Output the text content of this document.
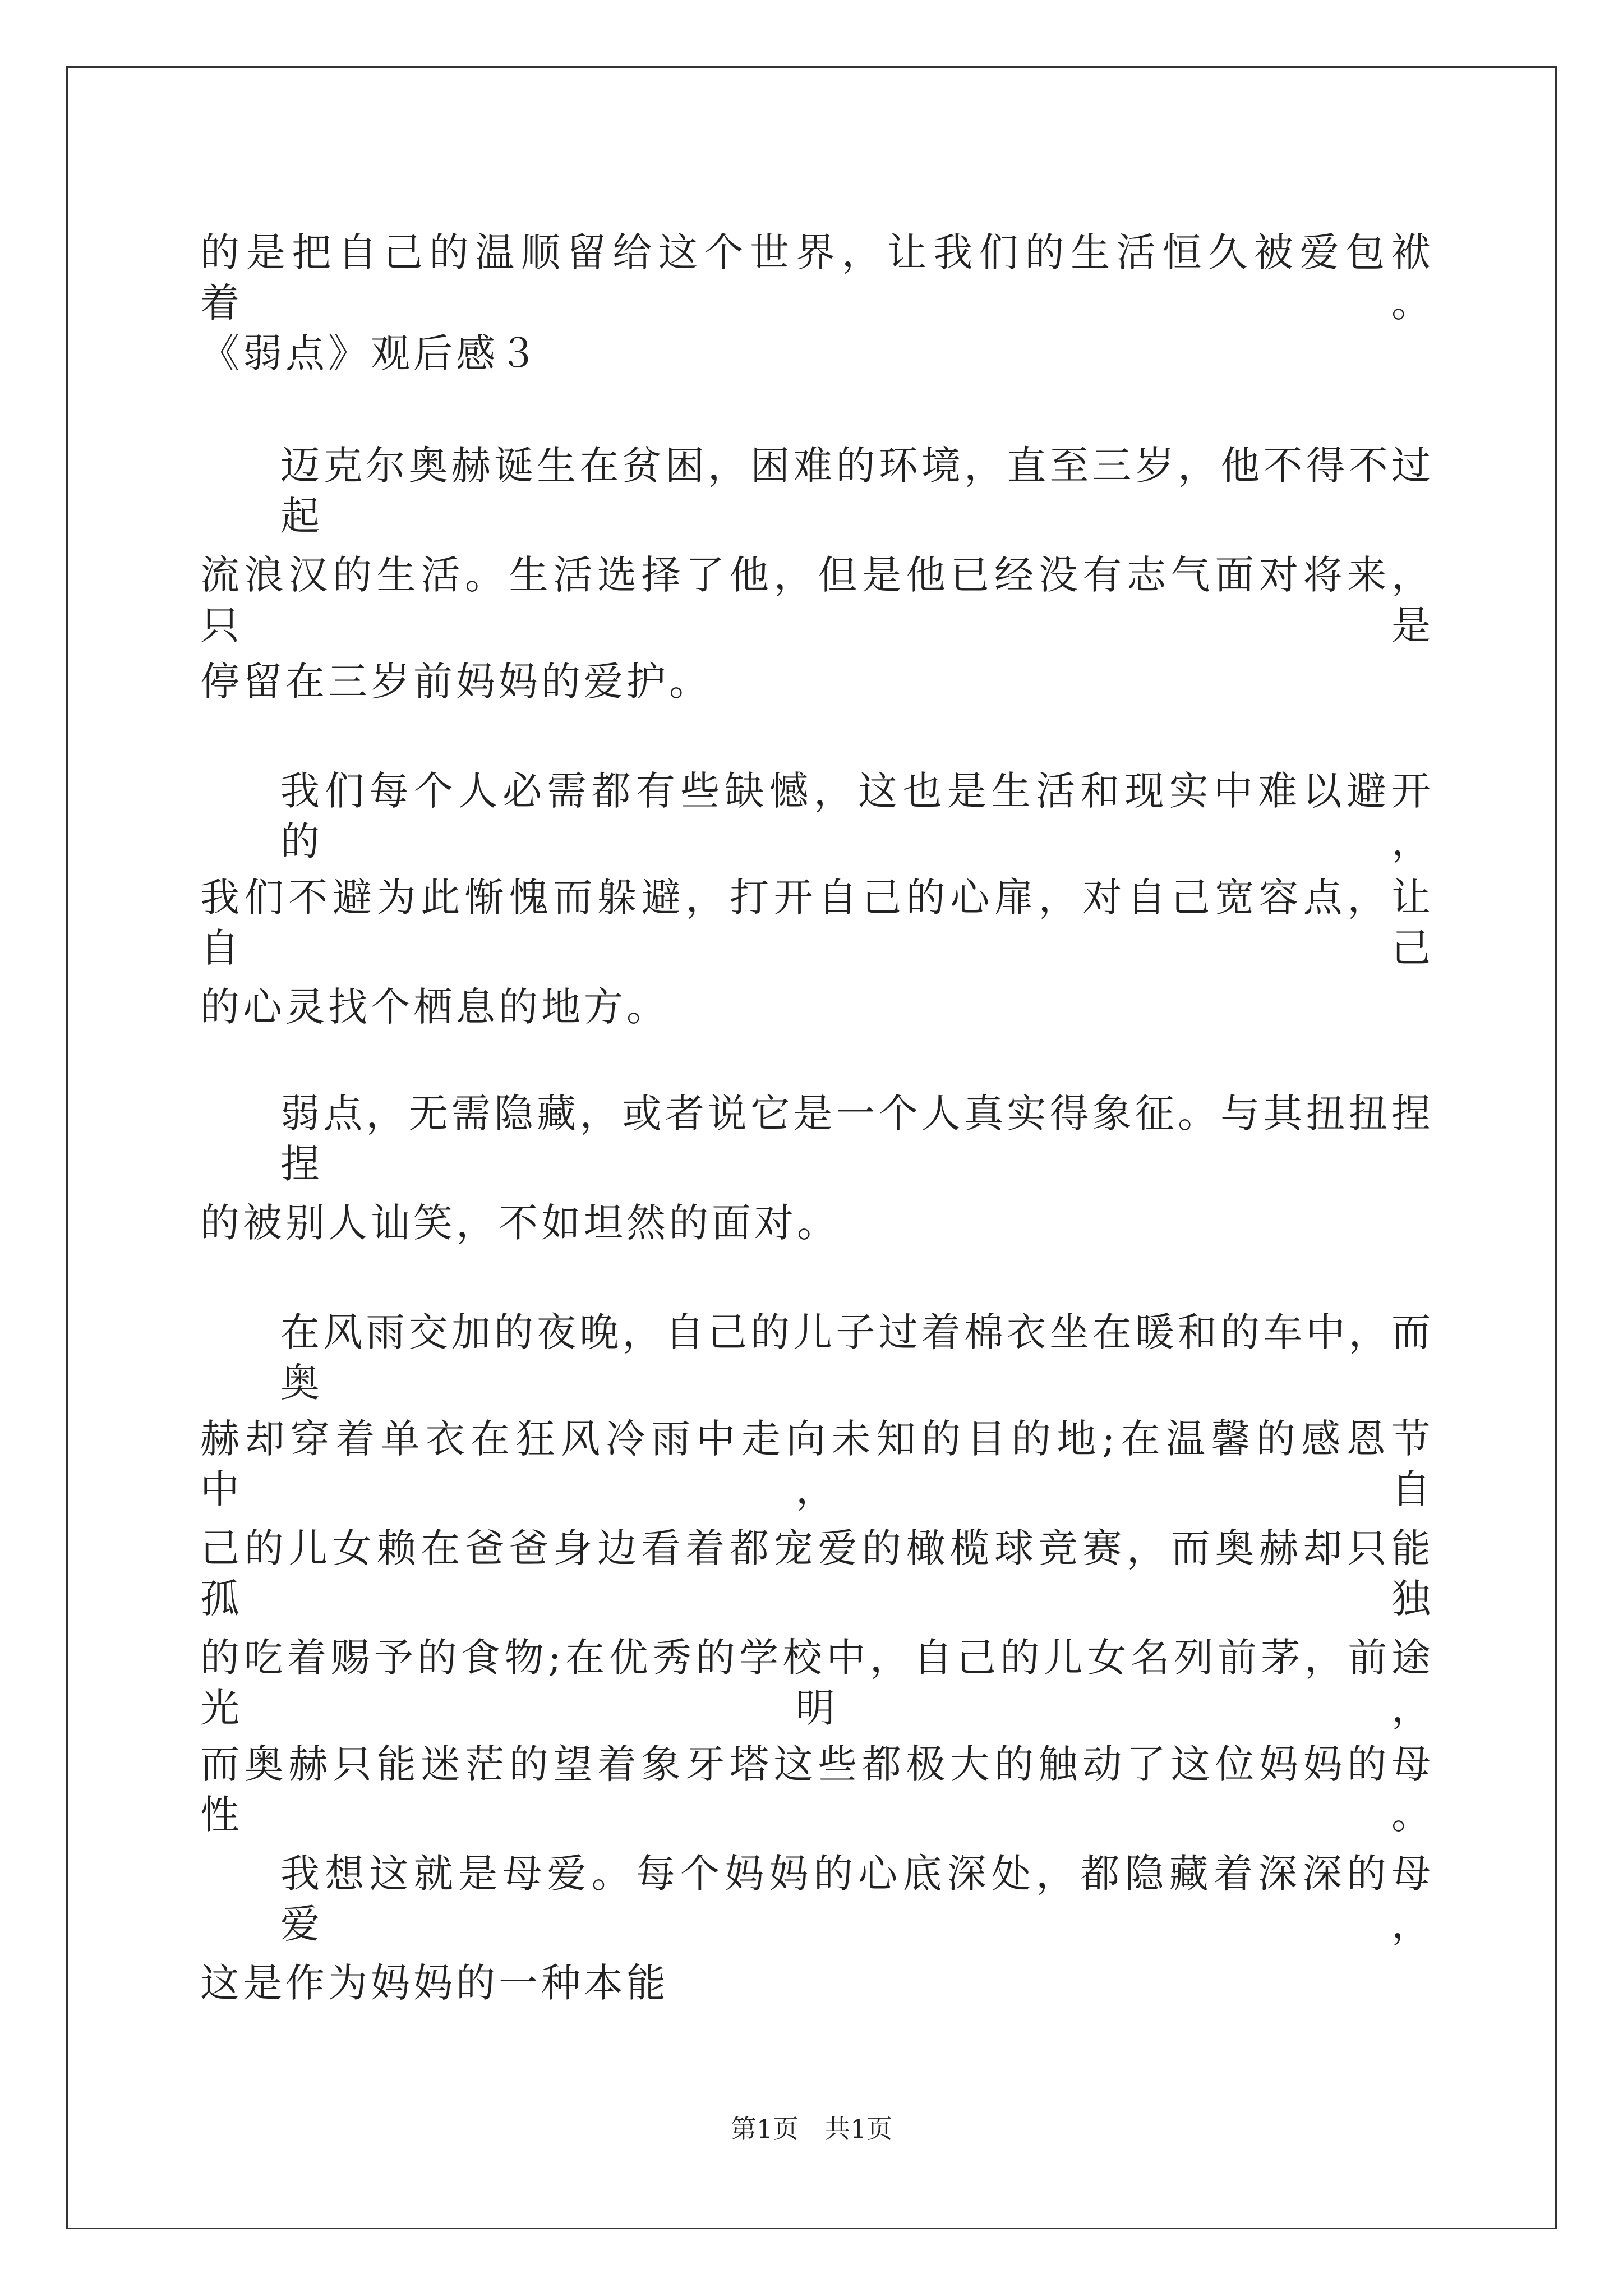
的是把自己的温顺留给这个世界，让我们的生活恒久被爱包袱着。
《弱点》观后感３
迈克尔奥赫诞生在贫困，困难的环境，直至三岁，他不得不过起
流浪汉的生活。生活选择了他，但是他已经没有志气面对将来，只是
停留在三岁前妈妈的爱护。
我们每个人必需都有些缺憾，这也是生活和现实中难以避开的，
我们不避为此惭愧而躲避，打开自己的心扉，对自己宽容点，让自己
的心灵找个栖息的地方。
弱点，无需隐藏，或者说它是一个人真实得象征。与其扭扭捏捏
的被别人讪笑，不如坦然的面对。
在风雨交加的夜晚，自己的儿子过着棉衣坐在暖和的车中，而奥
赫却穿着单衣在狂风冷雨中走向未知的目的地;在温馨的感恩节中，自
己的儿女赖在爸爸身边看着都宠爱的橄榄球竞赛，而奥赫却只能孤独
的吃着赐予的食物;在优秀的学校中，自己的儿女名列前茅，前途光明，
而奥赫只能迷茫的望着象牙塔这些都极大的触动了这位妈妈的母性。
我想这就是母爱。每个妈妈的心底深处，都隐藏着深深的母爱，
这是作为妈妈的一种本能
第1页　共1页
